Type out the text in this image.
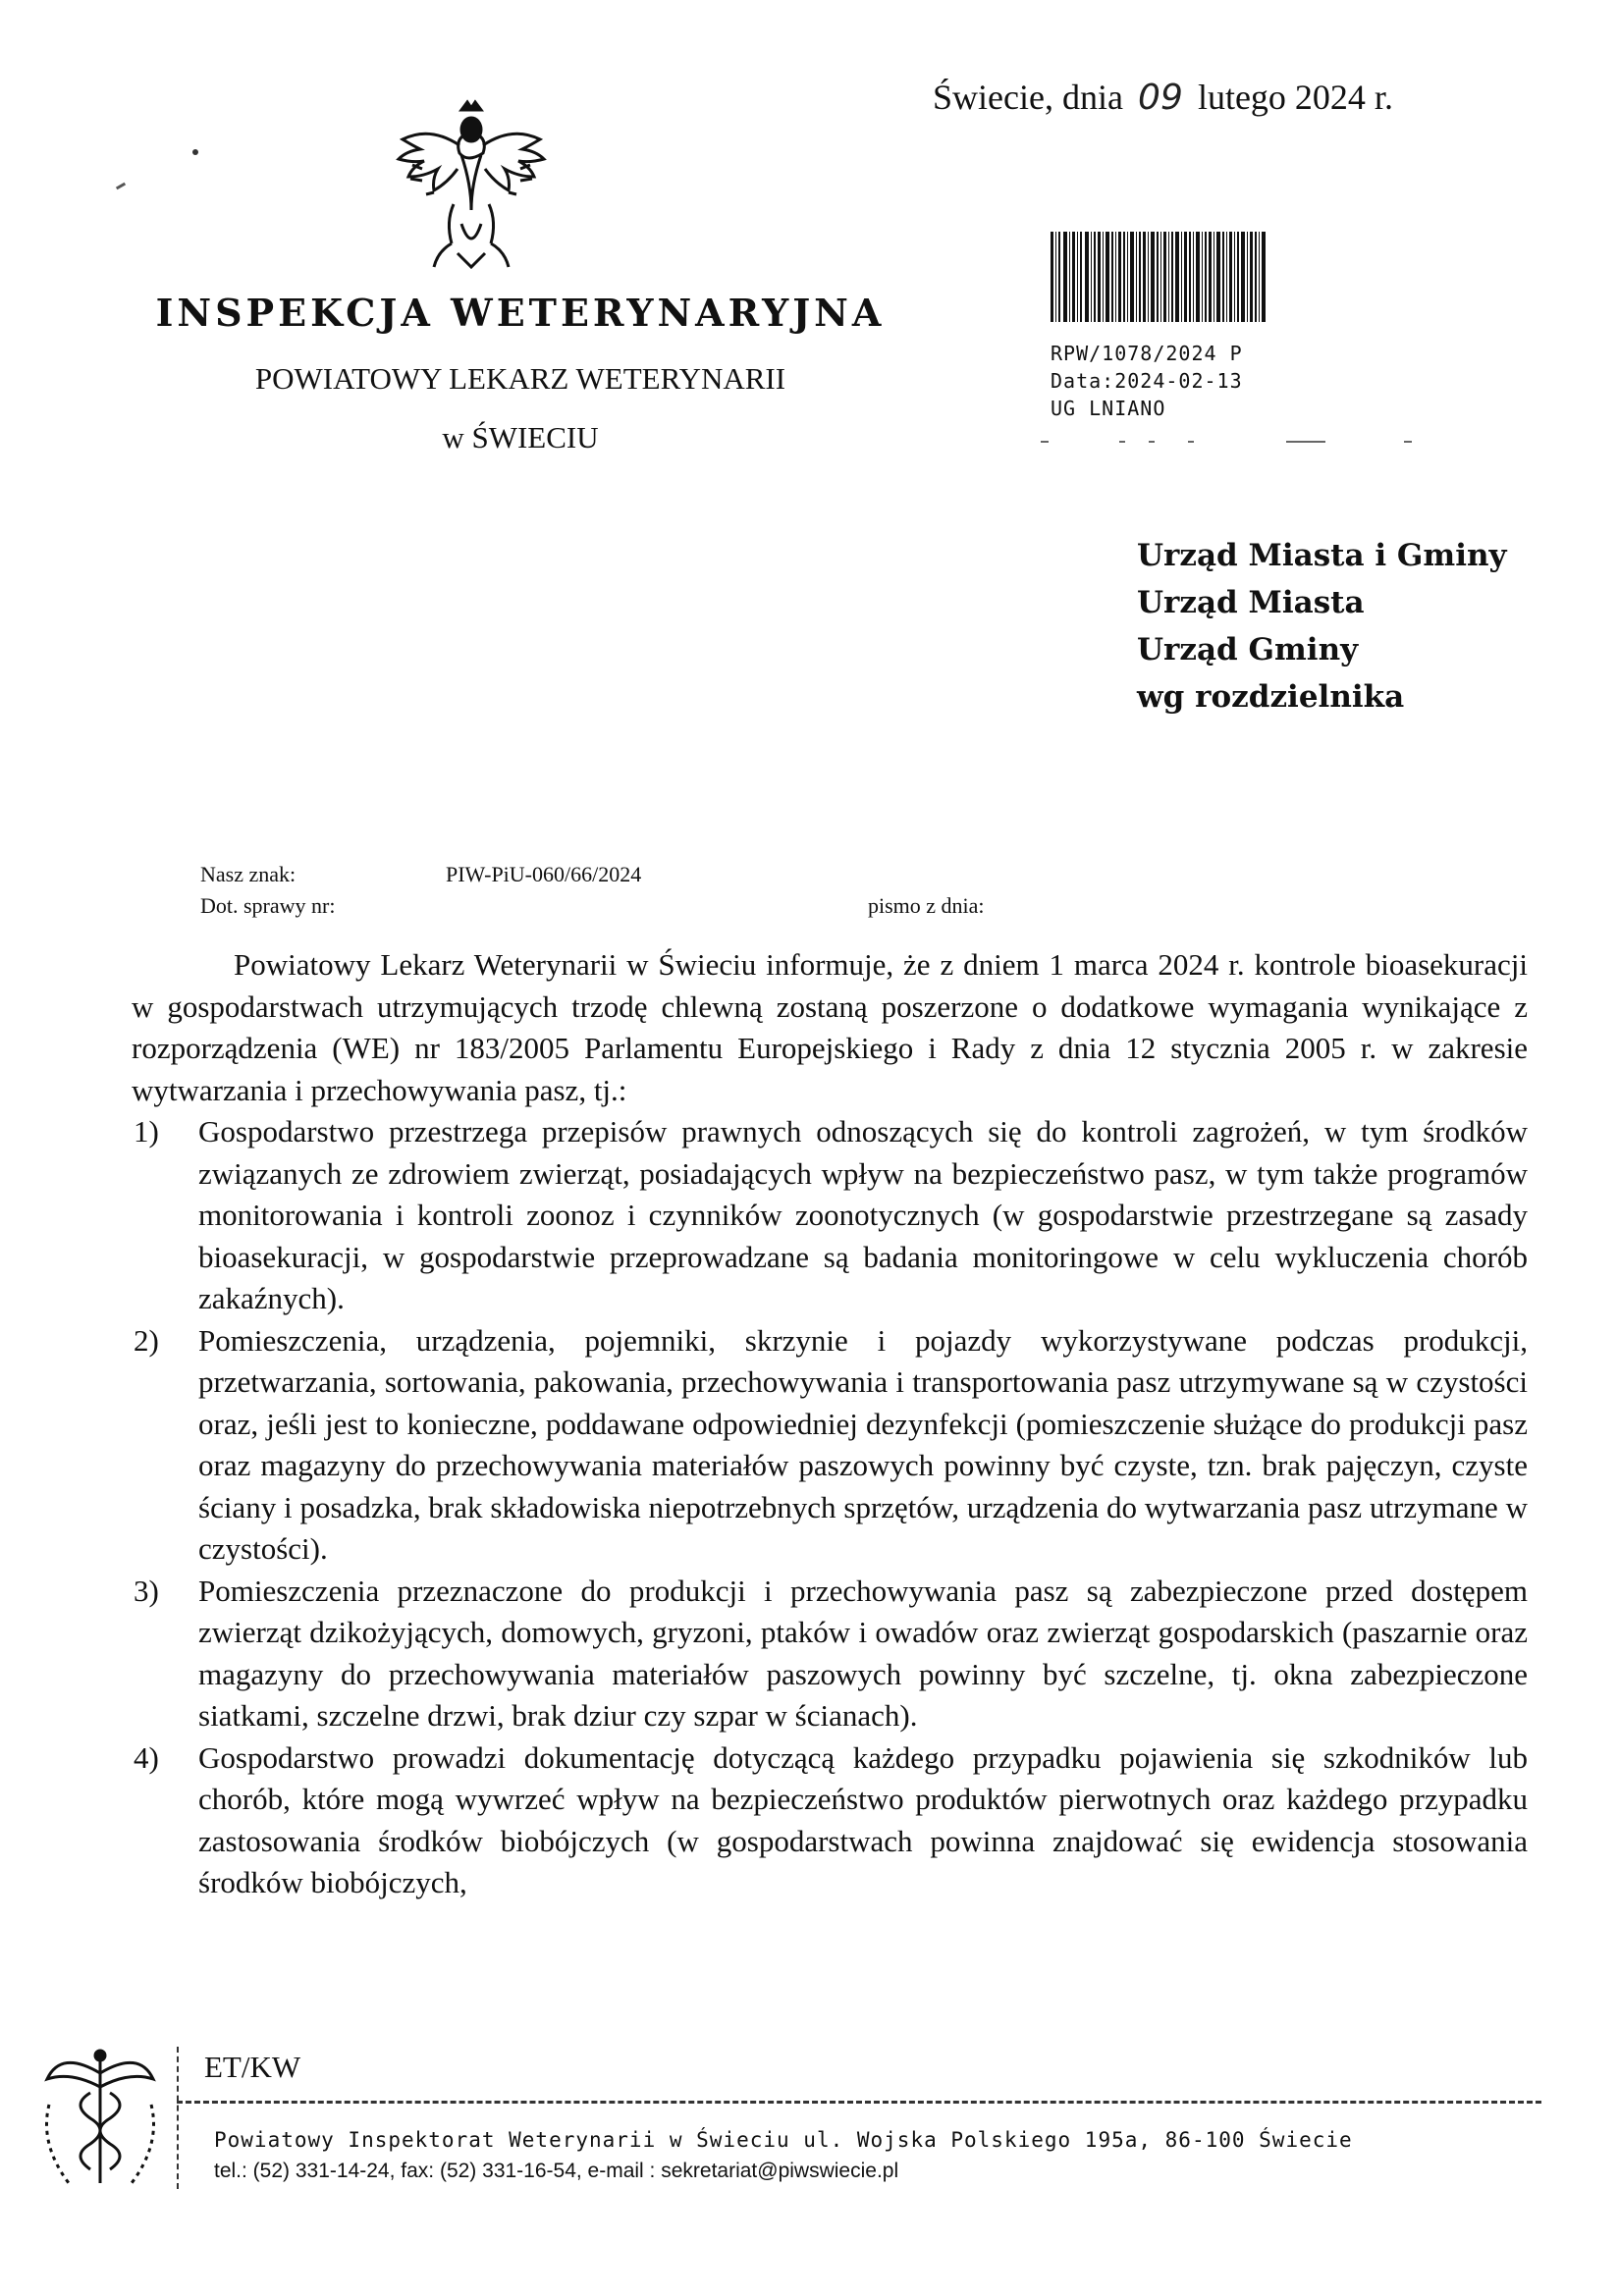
Świecie, dnia 09 lutego 2024 r.
INSPEKCJA WETERYNARYJNA
POWIATOWY LEKARZ WETERYNARII
w ŚWIECIU
RPW/1078/2024 P
Data:2024-02-13
UG LNIANO
Urząd Miasta i Gminy
Urząd Miasta
Urząd Gminy
wg rozdzielnika
Nasz znak:	PIW-PiU-060/66/2024
Dot. sprawy nr:	pismo z dnia:

Powiatowy Lekarz Weterynarii w Świeciu informuje, że z dniem 1 marca 2024 r. kontrole bioasekuracji w gospodarstwach utrzymujących trzodę chlewną zostaną poszerzone o dodatkowe wymagania wynikające z rozporządzenia (WE) nr 183/2005 Parlamentu Europejskiego i Rady z dnia 12 stycznia 2005 r. w zakresie wytwarzania i przechowywania pasz, tj.:

1)	Gospodarstwo przestrzega przepisów prawnych odnoszących się do kontroli zagrożeń, w tym środków związanych ze zdrowiem zwierząt, posiadających wpływ na bezpieczeństwo pasz, w tym także programów monitorowania i kontroli zoonoz i czynników zoonotycznych (w gospodarstwie przestrzegane są zasady bioasekuracji, w gospodarstwie przeprowadzane są badania monitoringowe w celu wykluczenia chorób zakaźnych).
2)	Pomieszczenia, urządzenia, pojemniki, skrzynie i pojazdy wykorzystywane podczas produkcji, przetwarzania, sortowania, pakowania, przechowywania i transportowania pasz utrzymywane są w czystości oraz, jeśli jest to konieczne, poddawane odpowiedniej dezynfekcji (pomieszczenie służące do produkcji pasz oraz magazyny do przechowywania materiałów paszowych powinny być czyste, tzn. brak pajęczyn, czyste ściany i posadzka, brak składowiska niepotrzebnych sprzętów, urządzenia do wytwarzania pasz utrzymane w czystości).
3)	Pomieszczenia przeznaczone do produkcji i przechowywania pasz są zabezpieczone przed dostępem zwierząt dzikożyjących, domowych, gryzoni, ptaków i owadów oraz zwierząt gospodarskich (paszarnie oraz magazyny do przechowywania materiałów paszowych powinny być szczelne, tj. okna zabezpieczone siatkami, szczelne drzwi, brak dziur czy szpar w ścianach).
4)	Gospodarstwo prowadzi dokumentację dotyczącą każdego przypadku pojawienia się szkodników lub chorób, które mogą wywrzeć wpływ na bezpieczeństwo produktów pierwotnych oraz każdego przypadku zastosowania środków biobójczych (w gospodarstwach powinna znajdować się ewidencja stosowania środków biobójczych,
ET/KW
Powiatowy Inspektorat Weterynarii w Świeciu ul. Wojska Polskiego 195a, 86-100 Świecie
tel.: (52) 331-14-24, fax: (52) 331-16-54, e-mail : sekretariat@piwswiecie.pl
